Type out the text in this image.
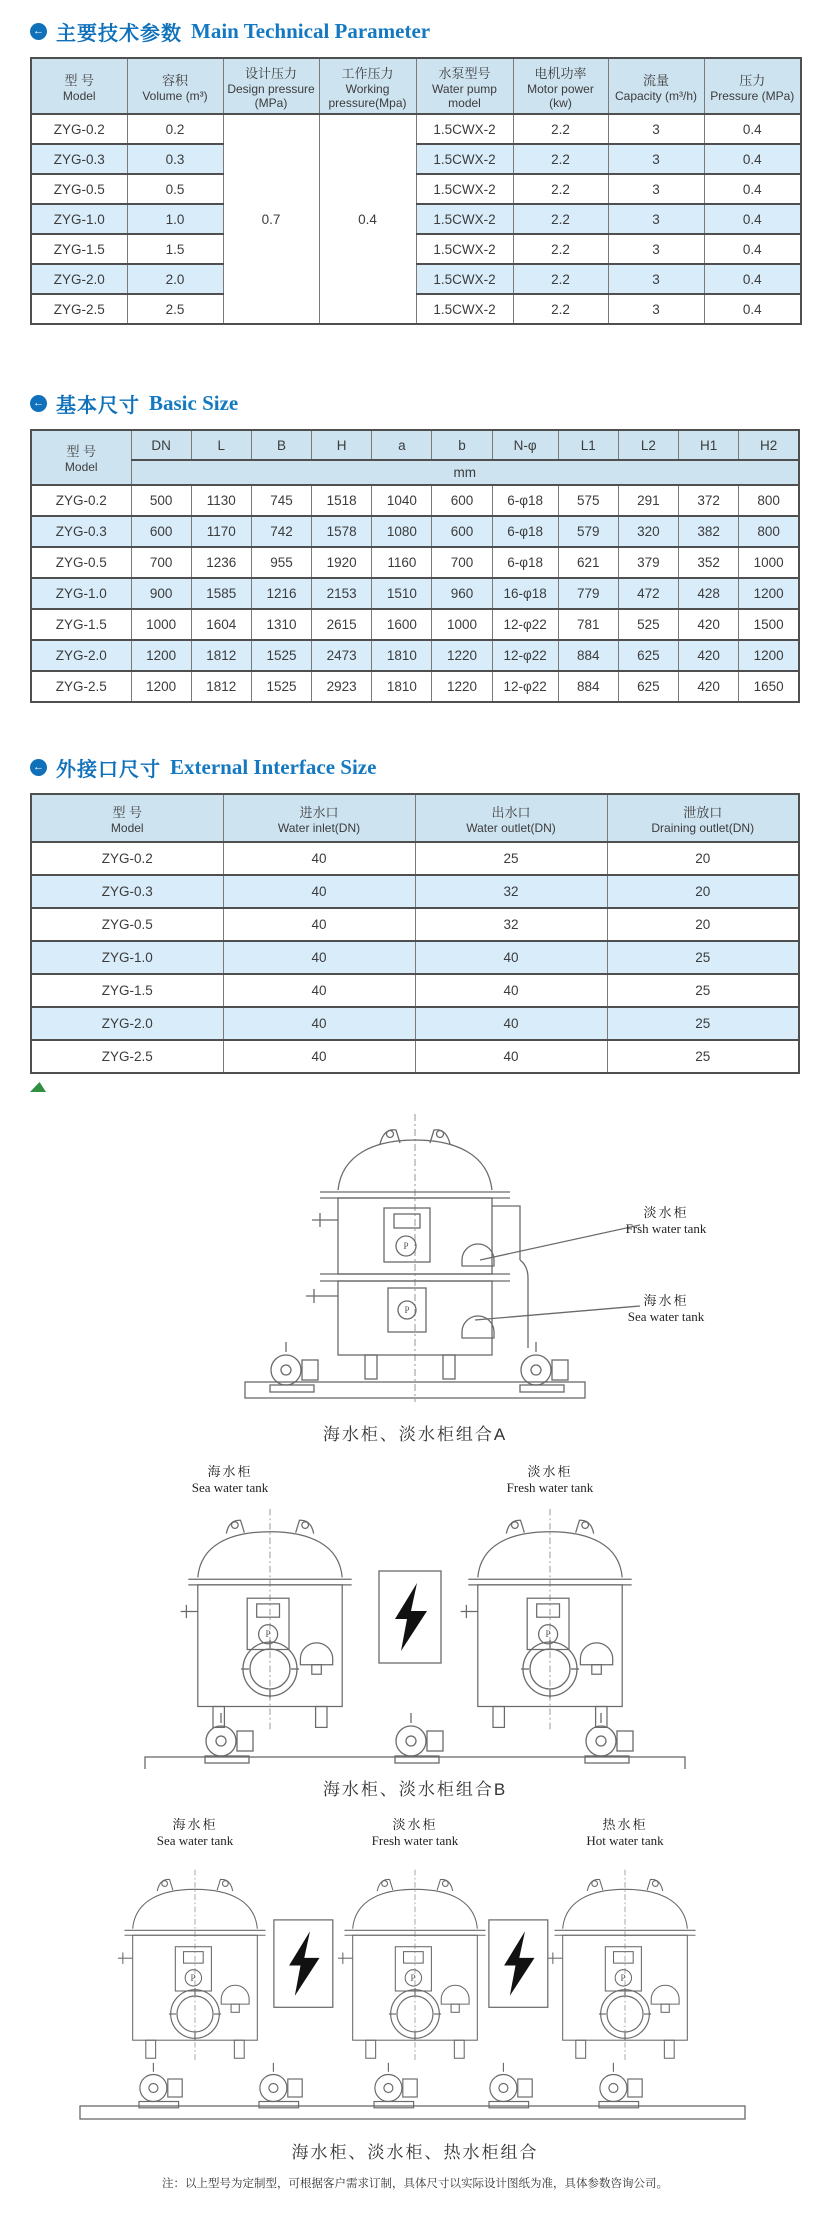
← 主要技术参数 Main Technical Parameter
型 号
Model	容积
Volume (m³)	设计压力
Design pressure (MPa)	工作压力
Working pressure(Mpa)	水泵型号
Water pump model	电机功率
Motor power (kw)	流量
Capacity (m³/h)	压力
Pressure (MPa)

ZYG-0.2	0.2	0.7	0.4	1.5CWX-2	2.2	3	0.4
ZYG-0.3	0.3			1.5CWX-2	2.2	3	0.4
ZYG-0.5	0.5			1.5CWX-2	2.2	3	0.4
ZYG-1.0	1.0			1.5CWX-2	2.2	3	0.4
ZYG-1.5	1.5			1.5CWX-2	2.2	3	0.4
ZYG-2.0	2.0			1.5CWX-2	2.2	3	0.4
ZYG-2.5	2.5			1.5CWX-2	2.2	3	0.4
← 基本尺寸 Basic Size
型 号
Model	DN	L	B	H	a	b	N-φ	L1	L2	H1	H2
	mm										
ZYG-0.2	500	1130	745	1518	1040	600	6-φ18	575	291	372	800
ZYG-0.3	600	1170	742	1578	1080	600	6-φ18	579	320	382	800
ZYG-0.5	700	1236	955	1920	1160	700	6-φ18	621	379	352	1000
ZYG-1.0	900	1585	1216	2153	1510	960	16-φ18	779	472	428	1200
ZYG-1.5	1000	1604	1310	2615	1600	1000	12-φ22	781	525	420	1500
ZYG-2.0	1200	1812	1525	2473	1810	1220	12-φ22	884	625	420	1200
ZYG-2.5	1200	1812	1525	2923	1810	1220	12-φ22	884	625	420	1650
← 外接口尺寸 External Interface Size
型 号
Model	进水口
Water inlet(DN)	出水口
Water outlet(DN)	泄放口
Draining outlet(DN)

ZYG-0.2	40	25	20
ZYG-0.3	40	32	20
ZYG-0.5	40	32	20
ZYG-1.0	40	40	25
ZYG-1.5	40	40	25
ZYG-2.0	40	40	25
ZYG-2.5	40	40	25
P
P
淡水柜
Frsh water tank
海水柜
Sea water tank
海水柜、淡水柜组合A
海水柜
Sea water tank
淡水柜
Fresh water tank
P	P
海水柜、淡水柜组合B
海水柜
Sea water tank
淡水柜
Fresh water tank
热水柜
Hot water tank
P	P	P
海水柜、淡水柜、热水柜组合
注：以上型号为定制型，可根据客户需求订制，具体尺寸以实际设计图纸为准，具体参数咨询公司。
